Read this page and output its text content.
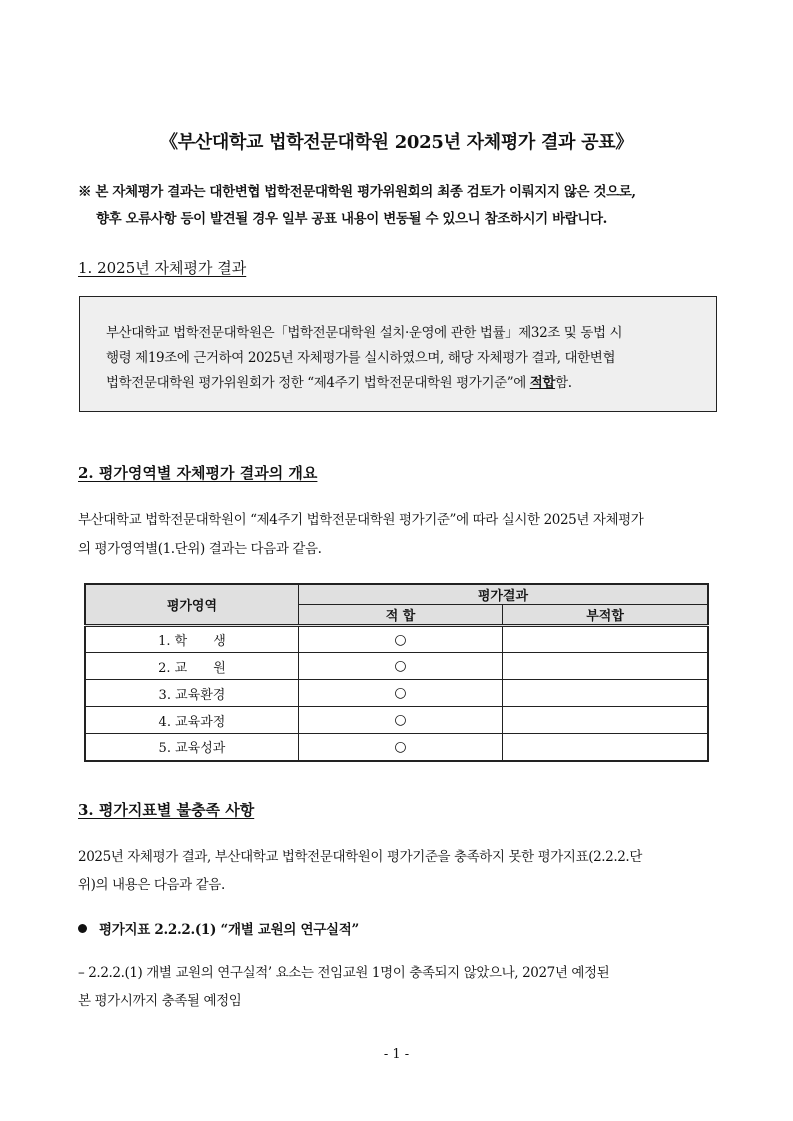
《부산대학교 법학전문대학원 2025년 자체평가 결과 공표》
※ 본 자체평가 결과는 대한변협 법학전문대학원 평가위원회의 최종 검토가 이뤄지지 않은 것으로,
향후 오류사항 등이 발견될 경우 일부 공표 내용이 변동될 수 있으니 참조하시기 바랍니다.
1. 2025년 자체평가 결과
부산대학교 법학전문대학원은「법학전문대학원 설치·운영에 관한 법률」제32조 및 동법 시
행령 제19조에 근거하여 2025년 자체평가를 실시하였으며, 해당 자체평가 결과, 대한변협
법학전문대학원 평가위원회가 정한 “제4주기 법학전문대학원 평가기준”에 적합함.
2. 평가영역별 자체평가 결과의 개요
부산대학교 법학전문대학원이 “제4주기 법학전문대학원 평가기준”에 따라 실시한 2025년 자체평가
의 평가영역별(1.단위) 결과는 다음과 같음.
평가영역	평가결과	
	적 합	부적합
1. 학　　생	○	
2. 교　　원	○	
3. 교육환경	○	
4. 교육과정	○	
5. 교육성과	○	
3. 평가지표별 불충족 사항
2025년 자체평가 결과, 부산대학교 법학전문대학원이 평가기준을 충족하지 못한 평가지표(2.2.2.단
위)의 내용은 다음과 같음.
평가지표 2.2.2.(1) “개별 교원의 연구실적”
– 2.2.2.(1) 개별 교원의 연구실적’ 요소는 전임교원 1명이 충족되지 않았으나, 2027년 예정된
본 평가시까지 충족될 예정임
- 1 -
